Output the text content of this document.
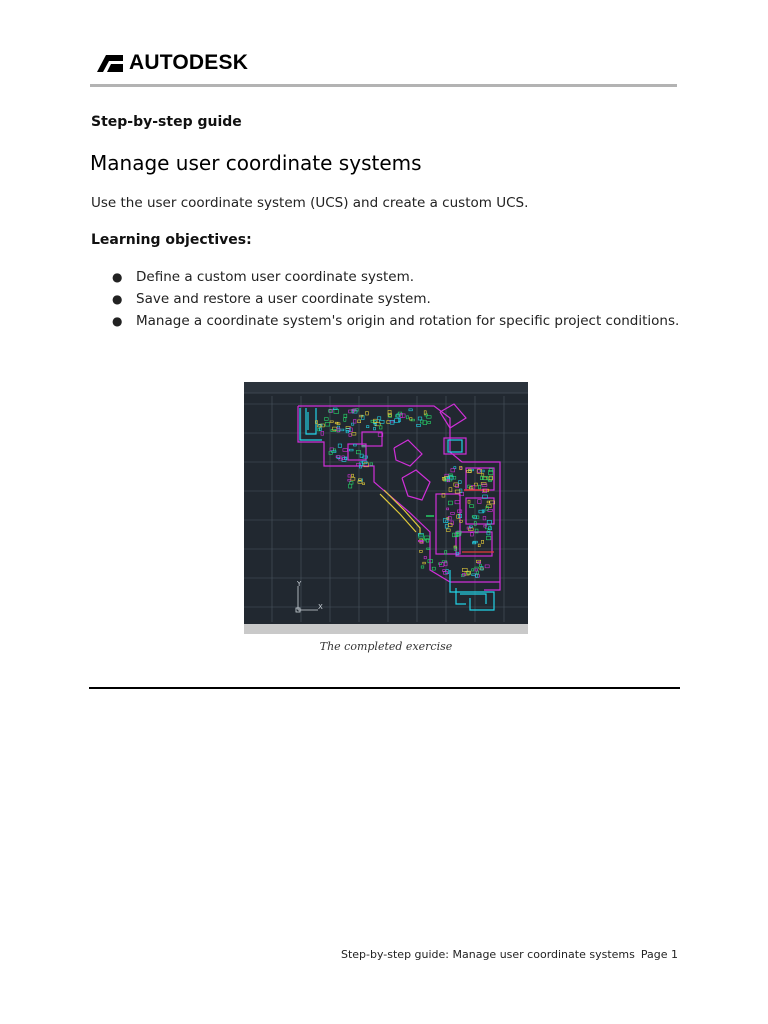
AUTODESK
Step-by-step guide
Manage user coordinate systems
Use the user coordinate system (UCS) and create a custom UCS.
Learning objectives:
● Define a custom user coordinate system.
● Save and restore a user coordinate system.
● Manage a coordinate system's origin and rotation for specific project conditions.
Y
X
The completed exercise
Step-by-step guide: Manage user coordinate systems Page 1
